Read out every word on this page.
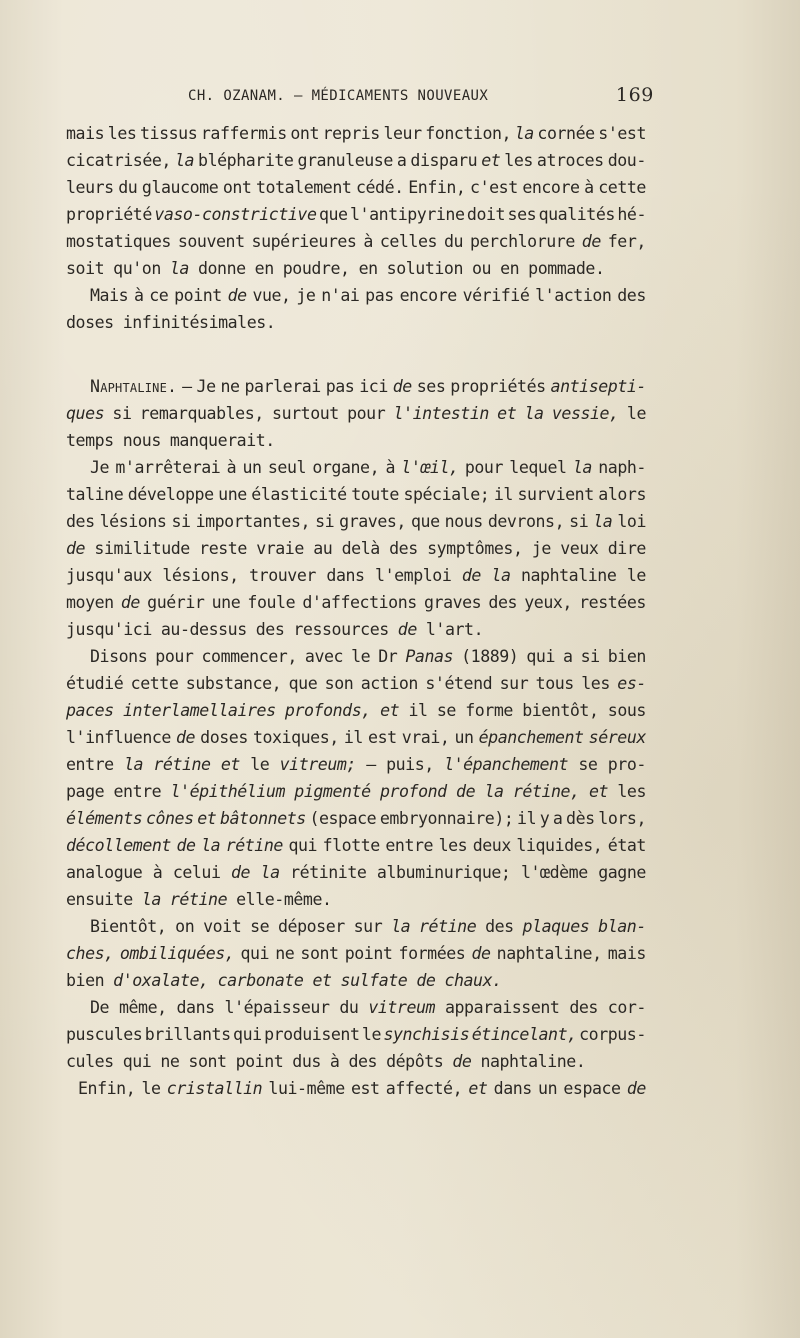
CH. OZANAM. — MÉDICAMENTS NOUVEAUX	169
mais les tissus raffermis ont repris leur fonction, la cornée s'est
cicatrisée, la blépharite granuleuse a disparu et les atroces dou-
leurs du glaucome ont totalement cédé. Enfin, c'est encore à cette
propriété vaso-constrictive que l'antipyrine doit ses qualités hé-
mostatiques souvent supérieures à celles du perchlorure de fer,
soit qu'on la donne en poudre, en solution ou en pommade.
Mais à ce point de vue, je n'ai pas encore vérifié l'action des
doses infinitésimales.
Naphtaline. — Je ne parlerai pas ici de ses propriétés antisepti-
ques si remarquables, surtout pour l'intestin et la vessie, le
temps nous manquerait.
Je m'arrêterai à un seul organe, à l'œil, pour lequel la naph-
taline développe une élasticité toute spéciale; il survient alors
des lésions si importantes, si graves, que nous devrons, si la loi
de similitude reste vraie au delà des symptômes, je veux dire
jusqu'aux lésions, trouver dans l'emploi de la naphtaline le
moyen de guérir une foule d'affections graves des yeux, restées
jusqu'ici au-dessus des ressources de l'art.
Disons pour commencer, avec le Dr Panas (1889) qui a si bien
étudié cette substance, que son action s'étend sur tous les es-
paces interlamellaires profonds, et il se forme bientôt, sous
l'influence de doses toxiques, il est vrai, un épanchement séreux
entre la rétine et le vitreum; — puis, l'épanchement se pro-
page entre l'épithélium pigmenté profond de la rétine, et les
éléments cônes et bâtonnets (espace embryonnaire); il y a dès lors,
décollement de la rétine qui flotte entre les deux liquides, état
analogue à celui de la rétinite albuminurique; l'œdème gagne
ensuite la rétine elle-même.
Bientôt, on voit se déposer sur la rétine des plaques blan-
ches, ombiliquées, qui ne sont point formées de naphtaline, mais
bien d'oxalate, carbonate et sulfate de chaux.
De même, dans l'épaisseur du vitreum apparaissent des cor-
puscules brillants qui produisent le synchisis étincelant, corpus-
cules qui ne sont point dus à des dépôts de naphtaline.
Enfin, le cristallin lui-même est affecté, et dans un espace de
